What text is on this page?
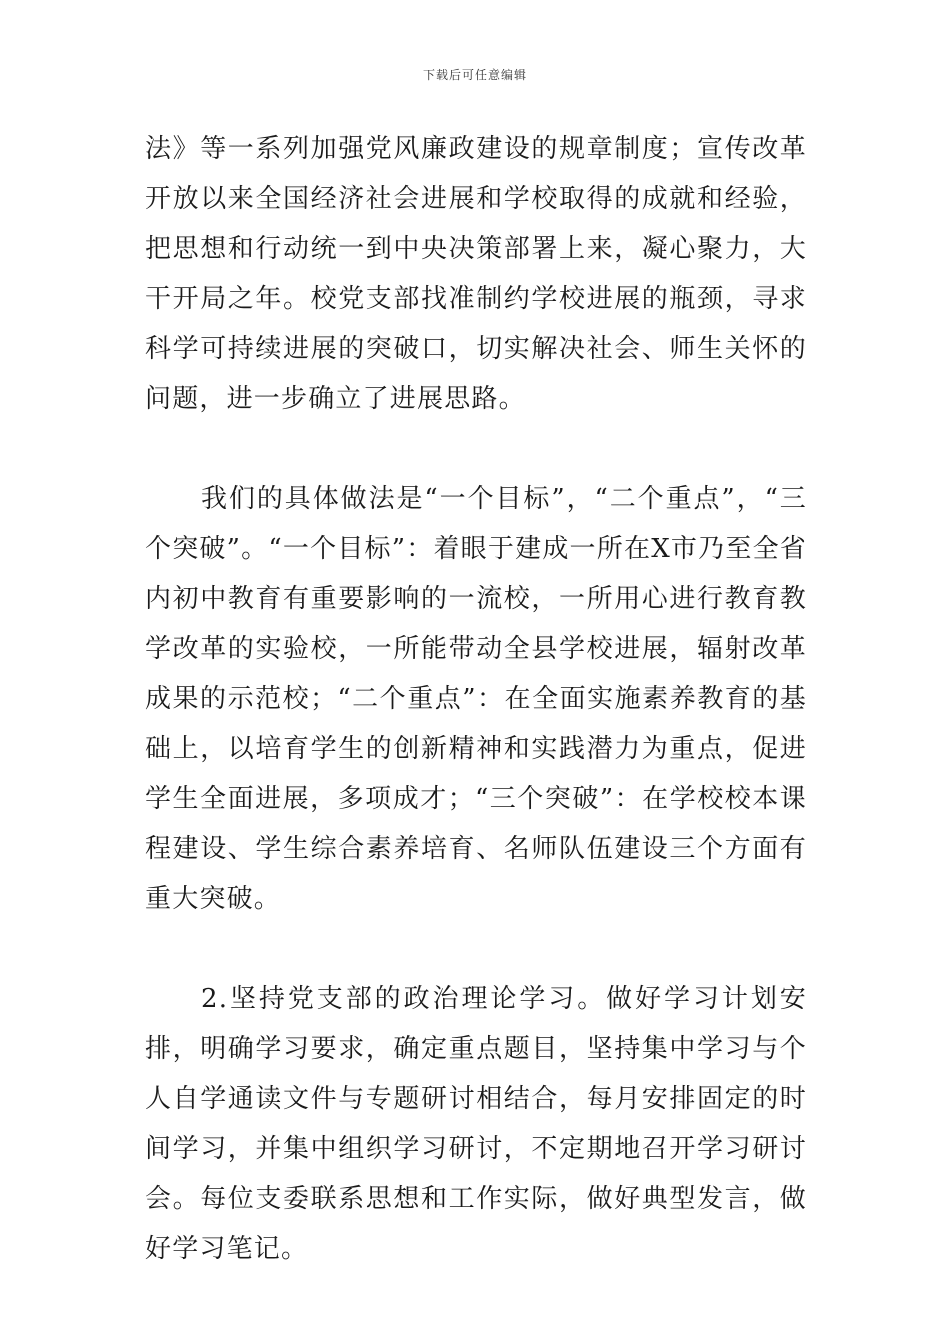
下载后可任意编辑

法》等一系列加强党风廉政建设的规章制度；宣传改革开放以来全国经济社会进展和学校取得的成就和经验，把思想和行动统一到中央决策部署上来，凝心聚力，大干开局之年。校党支部找准制约学校进展的瓶颈，寻求科学可持续进展的突破口，切实解决社会、师生关怀的问题，进一步确立了进展思路。

我们的具体做法是“一个目标”，“二个重点”，“三个突破”。“一个目标”：着眼于建成一所在X市乃至全省内初中教育有重要影响的一流校，一所用心进行教育教学改革的实验校，一所能带动全县学校进展，辐射改革成果的示范校；“二个重点”：在全面实施素养教育的基础上，以培育学生的创新精神和实践潜力为重点，促进学生全面进展，多项成才；“三个突破”：在学校校本课程建设、学生综合素养培育、名师队伍建设三个方面有重大突破。

2.坚持党支部的政治理论学习。做好学习计划安排，明确学习要求，确定重点题目，坚持集中学习与个人自学通读文件与专题研讨相结合，每月安排固定的时间学习，并集中组织学习研讨，不定期地召开学习研讨会。每位支委联系思想和工作实际，做好典型发言，做好学习笔记。
